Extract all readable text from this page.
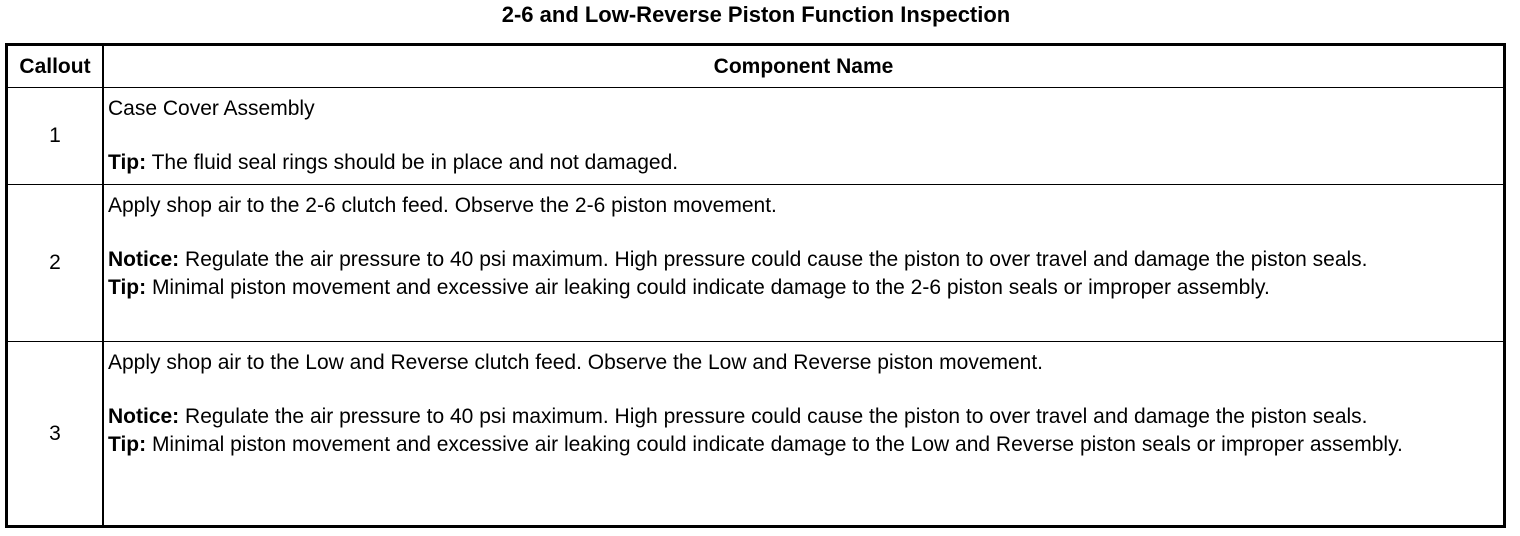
2-6 and Low-Reverse Piston Function Inspection
Callout	Component Name
1	Case Cover Assembly
Tip: The fluid seal rings should be in place and not damaged.

2	Apply shop air to the 2-6 clutch feed. Observe the 2-6 piston movement.
Notice: Regulate the air pressure to 40 psi maximum. High pressure could cause the piston to over travel and damage the piston seals.
Tip: Minimal piston movement and excessive air leaking could indicate damage to the 2-6 piston seals or improper assembly.

3	Apply shop air to the Low and Reverse clutch feed. Observe the Low and Reverse piston movement.
Notice: Regulate the air pressure to 40 psi maximum. High pressure could cause the piston to over travel and damage the piston seals.
Tip: Minimal piston movement and excessive air leaking could indicate damage to the Low and Reverse piston seals or improper assembly.
